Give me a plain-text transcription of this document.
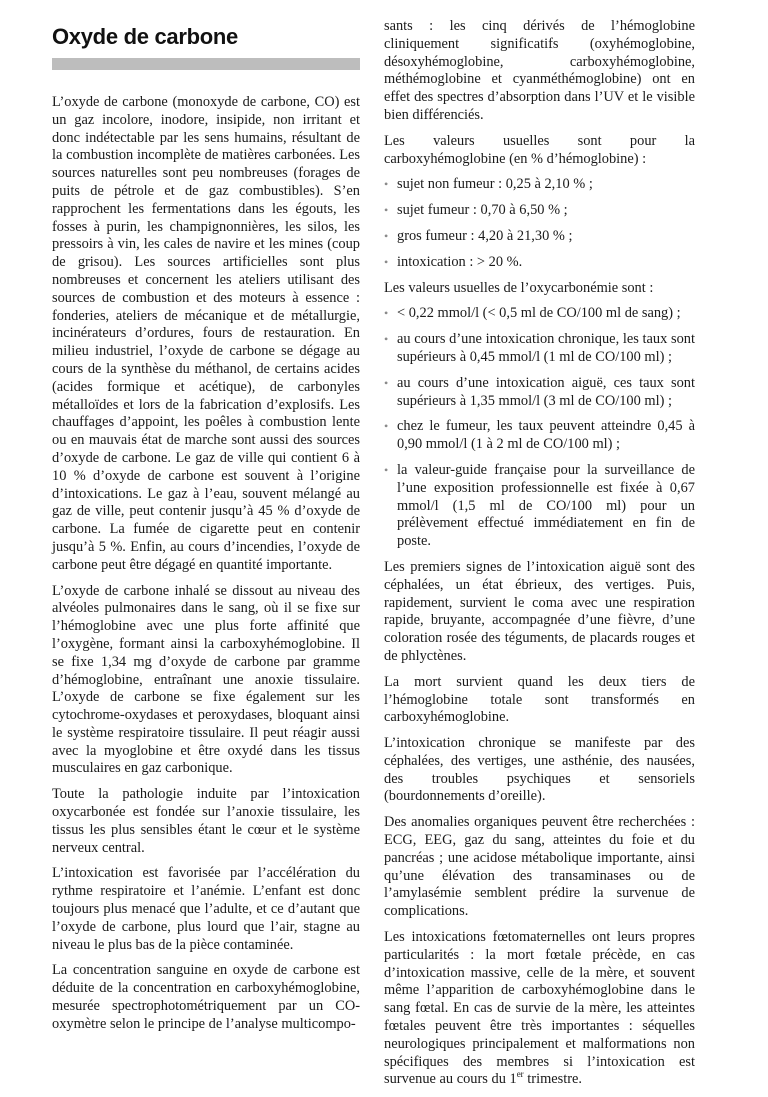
Oxyde de carbone

L’oxyde de carbone (monoxyde de carbone, CO) est un gaz incolore, inodore, insipide, non irritant et donc indétectable par les sens humains, résultant de la combustion incomplète de matières carbonées. Les sources naturelles sont peu nombreuses (forages de puits de pétrole et de gaz combustibles). S’en rapprochent les fermentations dans les égouts, les fosses à purin, les champignonnières, les silos, les pressoirs à vin, les cales de navire et les mines (coup de grisou). Les sources artificielles sont plus nombreuses et concernent les ateliers utilisant des sources de combustion et des moteurs à essence : fonderies, ateliers de mécanique et de métallurgie, incinérateurs d’ordures, fours de restauration. En milieu industriel, l’oxyde de carbone se dégage au cours de la synthèse du méthanol, de certains acides (acides formique et acétique), de carbonyles métalloïdes et lors de la fabrication d’explosifs. Les chauffages d’appoint, les poêles à combustion lente ou en mauvais état de marche sont aussi des sources d’oxyde de carbone. Le gaz de ville qui contient 6 à 10 % d’oxyde de carbone est souvent à l’origine d’intoxications. Le gaz à l’eau, souvent mélangé au gaz de ville, peut contenir jusqu’à 45 % d’oxyde de carbone. La fumée de cigarette peut en contenir jusqu’à 5 %. Enfin, au cours d’incendies, l’oxyde de carbone peut être dégagé en quantité importante.

L’oxyde de carbone inhalé se dissout au niveau des alvéoles pulmonaires dans le sang, où il se fixe sur l’hémoglobine avec une plus forte affinité que l’oxygène, formant ainsi la carboxyhémoglobine. Il se fixe 1,34 mg d’oxyde de carbone par gramme d’hémoglobine, entraînant une anoxie tissulaire. L’oxyde de carbone se fixe également sur les cytochrome-oxydases et peroxydases, bloquant ainsi le système respiratoire tissulaire. Il peut réagir aussi avec la myoglobine et être oxydé dans les tissus musculaires en gaz carbonique.

Toute la pathologie induite par l’intoxication oxycarbonée est fondée sur l’anoxie tissulaire, les tissus les plus sensibles étant le cœur et le système nerveux central.

L’intoxication est favorisée par l’accélération du rythme respiratoire et l’anémie. L’enfant est donc toujours plus menacé que l’adulte, et ce d’autant que l’oxyde de carbone, plus lourd que l’air, stagne au niveau le plus bas de la pièce contaminée.

La concentration sanguine en oxyde de carbone est déduite de la concentration en carboxyhémoglobine, mesurée spectrophotométriquement par un CO-oxymètre selon le principe de l’analyse multicompo-

sants : les cinq dérivés de l’hémoglobine cliniquement significatifs (oxyhémoglobine, désoxyhémoglobine, carboxyhémoglobine, méthémoglobine et cyanméthémoglobine) ont en effet des spectres d’absorption dans l’UV et le visible bien différenciés.

Les valeurs usuelles sont pour la carboxyhémoglobine (en % d’hémoglobine) :

• sujet non fumeur : 0,25 à 2,10 % ;
• sujet fumeur : 0,70 à 6,50 % ;
• gros fumeur : 4,20 à 21,30 % ;
• intoxication : > 20 %.

Les valeurs usuelles de l’oxycarbonémie sont :

• < 0,22 mmol/l (< 0,5 ml de CO/100 ml de sang) ;
• au cours d’une intoxication chronique, les taux sont supérieurs à 0,45 mmol/l (1 ml de CO/100 ml) ;
• au cours d’une intoxication aiguë, ces taux sont supérieurs à 1,35 mmol/l (3 ml de CO/100 ml) ;
• chez le fumeur, les taux peuvent atteindre 0,45 à 0,90 mmol/l (1 à 2 ml de CO/100 ml) ;
• la valeur-guide française pour la surveillance de l’une exposition professionnelle est fixée à 0,67 mmol/l (1,5 ml de CO/100 ml) pour un prélèvement effectué immédiatement en fin de poste.

Les premiers signes de l’intoxication aiguë sont des céphalées, un état ébrieux, des vertiges. Puis, rapidement, survient le coma avec une respiration rapide, bruyante, accompagnée d’une fièvre, d’une coloration rosée des téguments, de placards rouges et de phlyctènes.

La mort survient quand les deux tiers de l’hémoglobine totale sont transformés en carboxyhémoglobine.

L’intoxication chronique se manifeste par des céphalées, des vertiges, une asthénie, des nausées, des troubles psychiques et sensoriels (bourdonnements d’oreille).

Des anomalies organiques peuvent être recherchées : ECG, EEG, gaz du sang, atteintes du foie et du pancréas ; une acidose métabolique importante, ainsi qu’une élévation des transaminases ou de l’amylasémie semblent prédire la survenue de complications.

Les intoxications fœtomaternelles ont leurs propres particularités : la mort fœtale précède, en cas d’intoxication massive, celle de la mère, et souvent même l’apparition de carboxyhémoglobine dans le sang fœtal. En cas de survie de la mère, les atteintes fœtales peuvent être très importantes : séquelles neurologiques principalement et malformations non spécifiques des membres si l’intoxication est survenue au cours du 1er trimestre.
